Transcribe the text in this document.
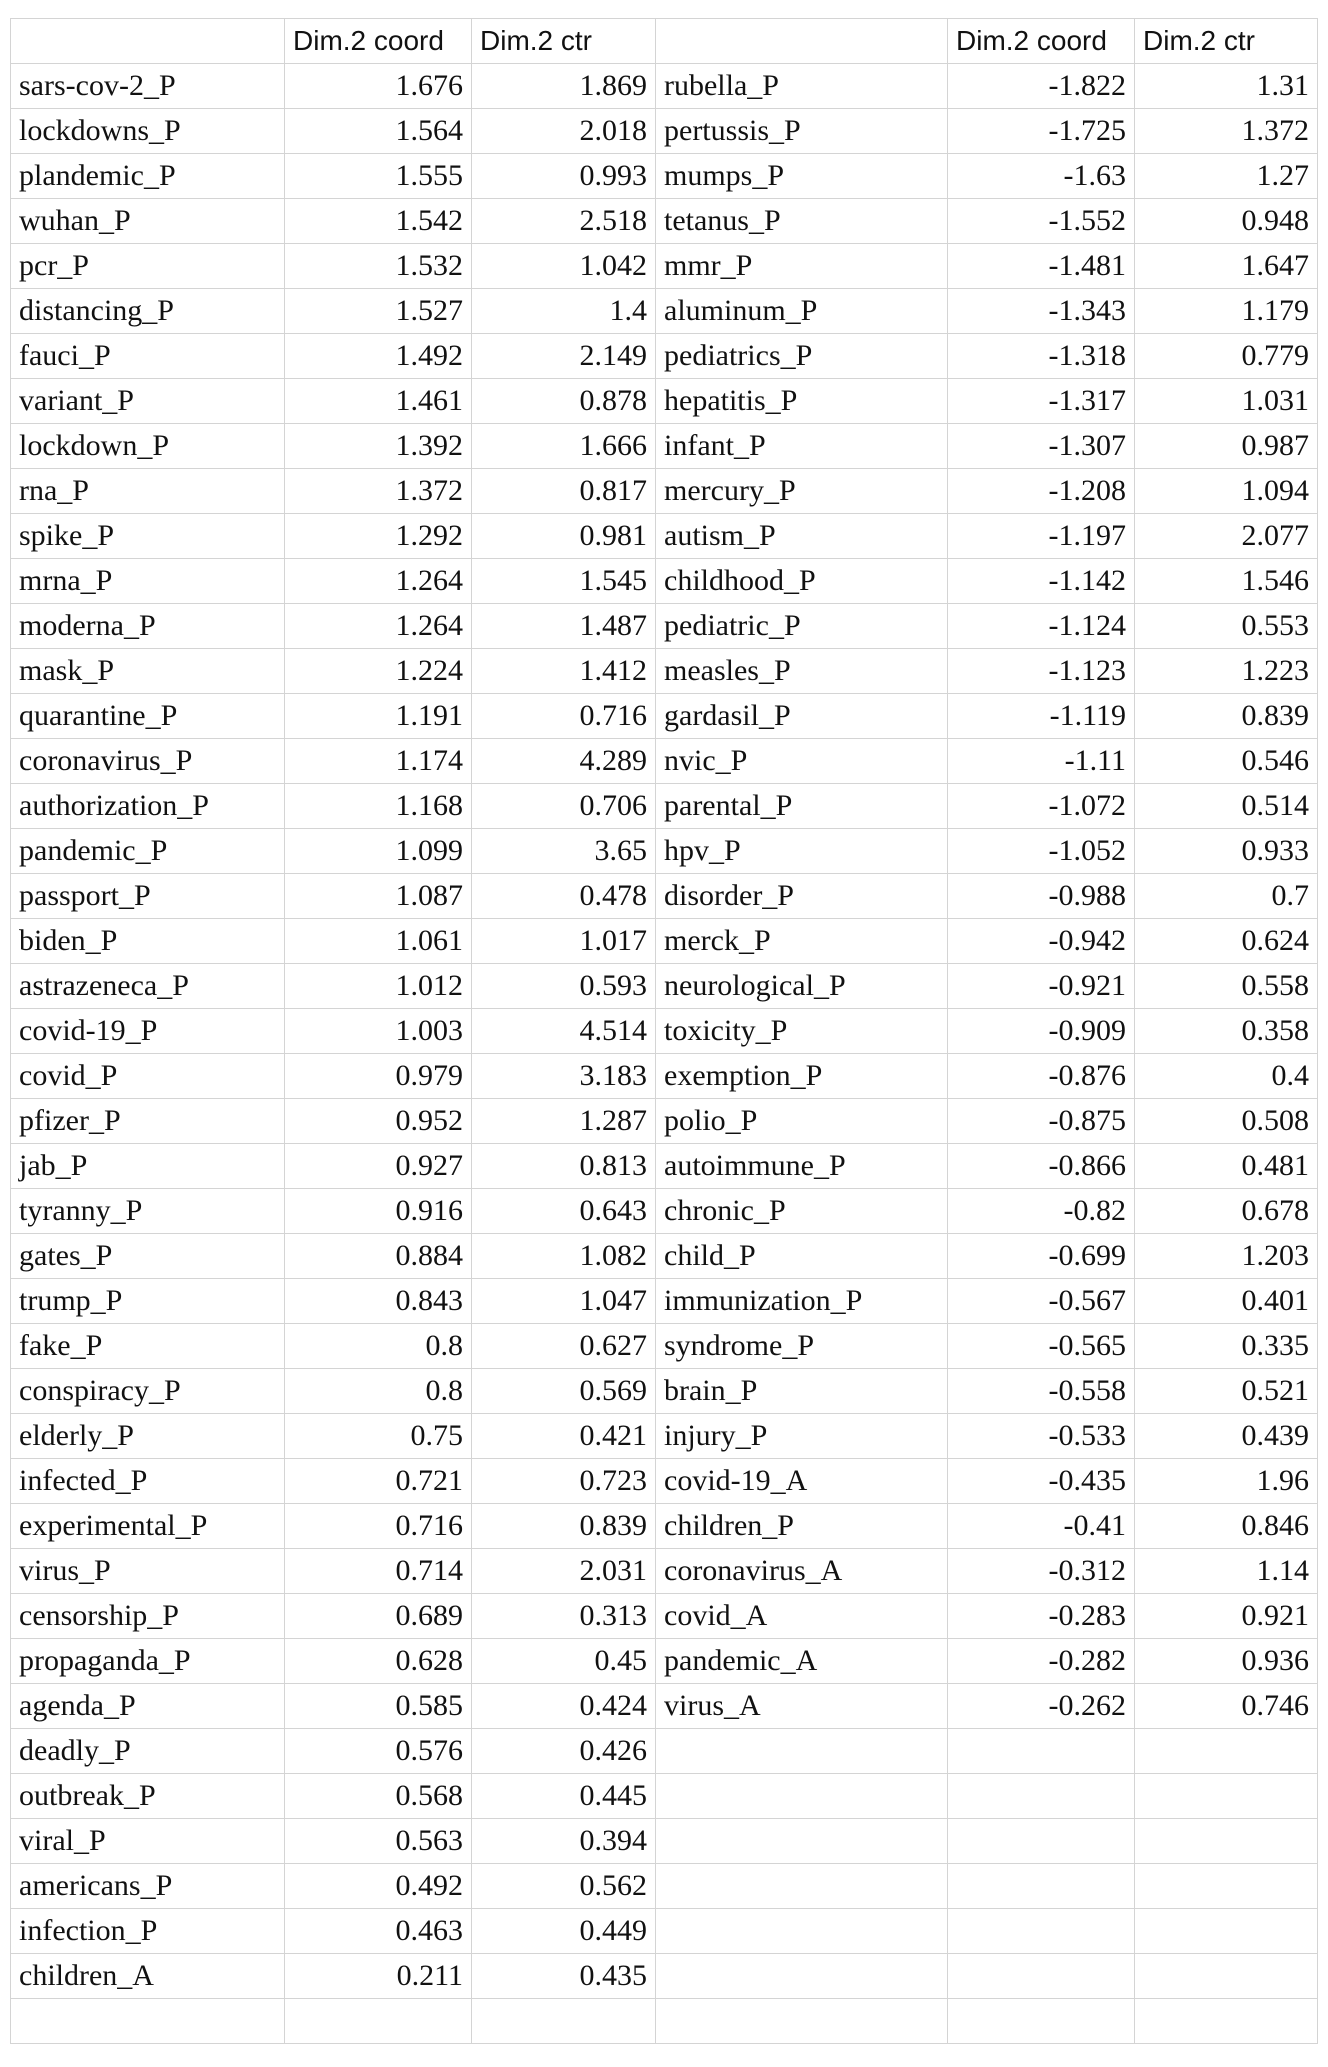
	Dim.2 coord	Dim.2 ctr		Dim.2 coord	Dim.2 ctr
sars-cov-2_P	1.676	1.869	rubella_P	-1.822	1.31
lockdowns_P	1.564	2.018	pertussis_P	-1.725	1.372
plandemic_P	1.555	0.993	mumps_P	-1.63	1.27
wuhan_P	1.542	2.518	tetanus_P	-1.552	0.948
pcr_P	1.532	1.042	mmr_P	-1.481	1.647
distancing_P	1.527	1.4	aluminum_P	-1.343	1.179
fauci_P	1.492	2.149	pediatrics_P	-1.318	0.779
variant_P	1.461	0.878	hepatitis_P	-1.317	1.031
lockdown_P	1.392	1.666	infant_P	-1.307	0.987
rna_P	1.372	0.817	mercury_P	-1.208	1.094
spike_P	1.292	0.981	autism_P	-1.197	2.077
mrna_P	1.264	1.545	childhood_P	-1.142	1.546
moderna_P	1.264	1.487	pediatric_P	-1.124	0.553
mask_P	1.224	1.412	measles_P	-1.123	1.223
quarantine_P	1.191	0.716	gardasil_P	-1.119	0.839
coronavirus_P	1.174	4.289	nvic_P	-1.11	0.546
authorization_P	1.168	0.706	parental_P	-1.072	0.514
pandemic_P	1.099	3.65	hpv_P	-1.052	0.933
passport_P	1.087	0.478	disorder_P	-0.988	0.7
biden_P	1.061	1.017	merck_P	-0.942	0.624
astrazeneca_P	1.012	0.593	neurological_P	-0.921	0.558
covid-19_P	1.003	4.514	toxicity_P	-0.909	0.358
covid_P	0.979	3.183	exemption_P	-0.876	0.4
pfizer_P	0.952	1.287	polio_P	-0.875	0.508
jab_P	0.927	0.813	autoimmune_P	-0.866	0.481
tyranny_P	0.916	0.643	chronic_P	-0.82	0.678
gates_P	0.884	1.082	child_P	-0.699	1.203
trump_P	0.843	1.047	immunization_P	-0.567	0.401
fake_P	0.8	0.627	syndrome_P	-0.565	0.335
conspiracy_P	0.8	0.569	brain_P	-0.558	0.521
elderly_P	0.75	0.421	injury_P	-0.533	0.439
infected_P	0.721	0.723	covid-19_A	-0.435	1.96
experimental_P	0.716	0.839	children_P	-0.41	0.846
virus_P	0.714	2.031	coronavirus_A	-0.312	1.14
censorship_P	0.689	0.313	covid_A	-0.283	0.921
propaganda_P	0.628	0.45	pandemic_A	-0.282	0.936
agenda_P	0.585	0.424	virus_A	-0.262	0.746
deadly_P	0.576	0.426			
outbreak_P	0.568	0.445			
viral_P	0.563	0.394			
americans_P	0.492	0.562			
infection_P	0.463	0.449			
children_A	0.211	0.435			
